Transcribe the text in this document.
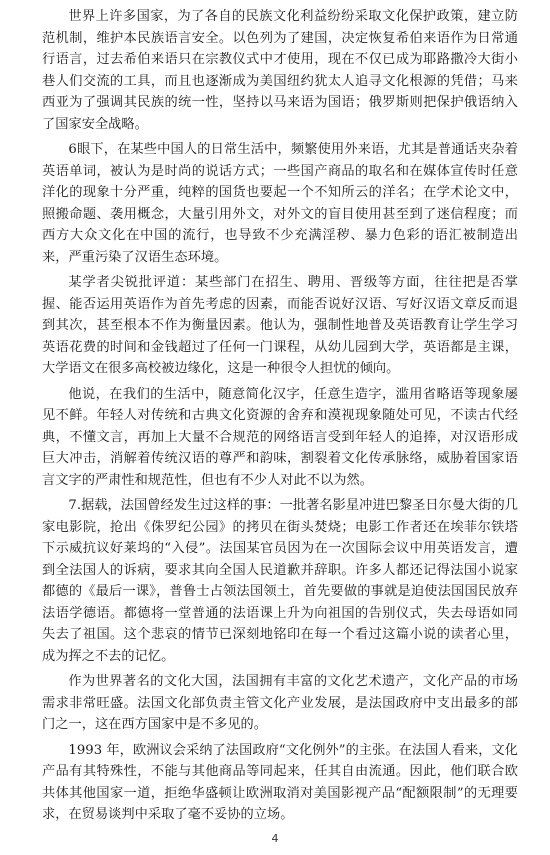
世界上许多国家，为了各自的民族文化利益纷纷采取文化保护政策，建立防范机制，维护本民族语言安全。以色列为了建国，决定恢复希伯来语作为日常通行语言，过去希伯来语只在宗教仪式中才使用，现在不仅已成为耶路撒冷大街小巷人们交流的工具，而且也逐渐成为美国纽约犹太人追寻文化根源的凭借；马来西亚为了强调其民族的统一性，坚持以马来语为国语；俄罗斯则把保护俄语纳入了国家安全战略。

6眼下，在某些中国人的日常生活中，频繁使用外来语，尤其是普通话夹杂着英语单词，被认为是时尚的说话方式；一些国产商品的取名和在媒体宣传时任意洋化的现象十分严重，纯粹的国货也要起一个不知所云的洋名；在学术论文中，照搬命题、袭用概念，大量引用外文，对外文的盲目使用甚至到了迷信程度；而西方大众文化在中国的流行，也导致不少充满淫秽、暴力色彩的语汇被制造出来，严重污染了汉语生态环境。

某学者尖锐批评道：某些部门在招生、聘用、晋级等方面，往往把是否掌握、能否运用英语作为首先考虑的因素，而能否说好汉语、写好汉语文章反而退到其次，甚至根本不作为衡量因素。他认为，强制性地普及英语教育让学生学习英语花费的时间和金钱超过了任何一门课程，从幼儿园到大学，英语都是主课，大学语文在很多高校被边缘化，这是一种很令人担忧的倾向。

他说，在我们的生活中，随意简化汉字，任意生造字，滥用省略语等现象屡见不鲜。年轻人对传统和古典文化资源的舍弃和漠视现象随处可见，不读古代经典，不懂文言，再加上大量不合规范的网络语言受到年轻人的追捧，对汉语形成巨大冲击，消解着传统汉语的尊严和韵味，割裂着文化传承脉络，威胁着国家语言文字的严肃性和规范性，但也有不少人对此不以为然。

7.据载，法国曾经发生过这样的事：一批著名影星冲进巴黎圣日尔曼大街的几家电影院，抢出《侏罗纪公园》的拷贝在街头焚烧；电影工作者还在埃菲尔铁塔下示威抗议好莱坞的“入侵”。法国某官员因为在一次国际会议中用英语发言，遭到全法国人的诉病，要求其向全国人民道歉并辞职。许多人都还记得法国小说家都德的《最后一课》，普鲁士占领法国领土，首先要做的事就是迫使法国国民放弃法语学德语。都德将一堂普通的法语课上升为向祖国的告别仪式，失去母语如同失去了祖国。这个悲哀的情节已深刻地铭印在每一个看过这篇小说的读者心里，成为挥之不去的记忆。

作为世界著名的文化大国，法国拥有丰富的文化艺术遗产，文化产品的市场需求非常旺盛。法国文化部负责主管文化产业发展，是法国政府中支出最多的部门之一，这在西方国家中是不多见的。

1993 年，欧洲议会采纳了法国政府“文化例外”的主张。在法国人看来，文化产品有其特殊性，不能与其他商品等同起来，任其自由流通。因此，他们联合欧共体其他国家一道，拒绝华盛顿让欧洲取消对美国影视产品“配额限制”的无理要求，在贸易谈判中采取了毫不妥协的立场。

4
